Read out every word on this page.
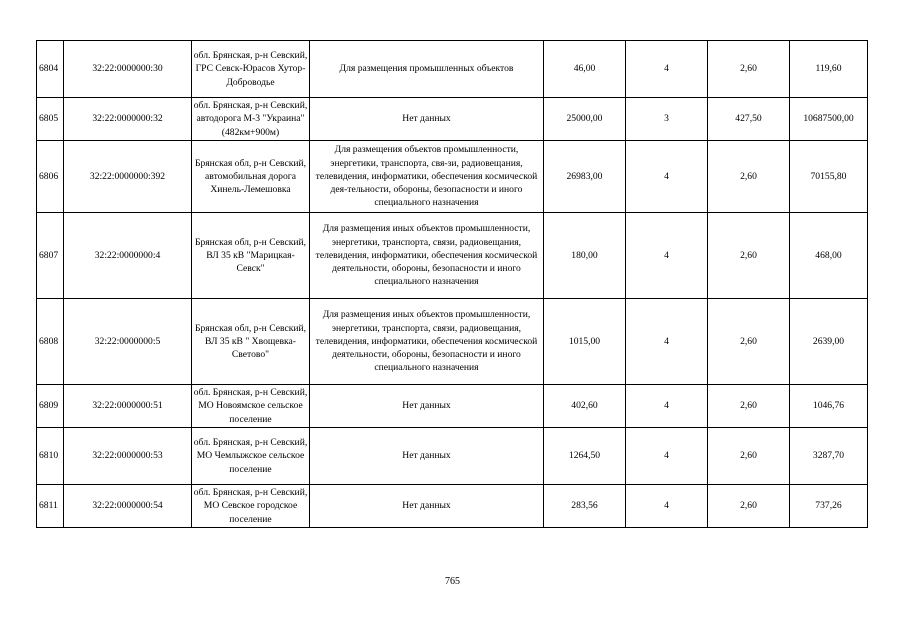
6804	32:22:0000000:30	обл. Брянская, р-н Севский, ГРС Севск-Юрасов Хутор-Доброводье	Для размещения промышленных объектов	46,00	4	2,60	119,60
6805	32:22:0000000:32	обл. Брянская, р-н Севский, автодорога М-3 "Украина"(482км+900м)	Нет данных	25000,00	3	427,50	10687500,00
6806	32:22:0000000:392	Брянская обл, р-н Севский, автомобильная дорога Хинель-Лемешовка	Для размещения объектов промышленности, энергетики, транспорта, свя-зи, радиовещания, телевидения, информатики, обеспечения космической дея-тельности, обороны, безопасности и иного специального назначения	26983,00	4	2,60	70155,80
6807	32:22:0000000:4	Брянская обл, р-н Севский, ВЛ 35 кВ "Марицкая-Севск"	Для размещения иных объектов промышленности, энергетики, транспорта, связи, радиовещания, телевидения, информатики, обеспечения космической деятельности, обороны, безопасности и иного специального назначения	180,00	4	2,60	468,00
6808	32:22:0000000:5	Брянская обл, р-н Севский, ВЛ 35 кВ " Хвощевка-Светово"	Для размещения иных объектов промышленности, энергетики, транспорта, связи, радиовещания, телевидения, информатики, обеспечения космической деятельности, обороны, безопасности и иного специального назначения	1015,00	4	2,60	2639,00
6809	32:22:0000000:51	обл. Брянская, р-н Севский, МО Новоямское сельское поселение	Нет данных	402,60	4	2,60	1046,76
6810	32:22:0000000:53	обл. Брянская, р-н Севский, МО Чемлыжское сельское поселение	Нет данных	1264,50	4	2,60	3287,70
6811	32:22:0000000:54	обл. Брянская, р-н Севский, МО Севское городское поселение	Нет данных	283,56	4	2,60	737,26
765
